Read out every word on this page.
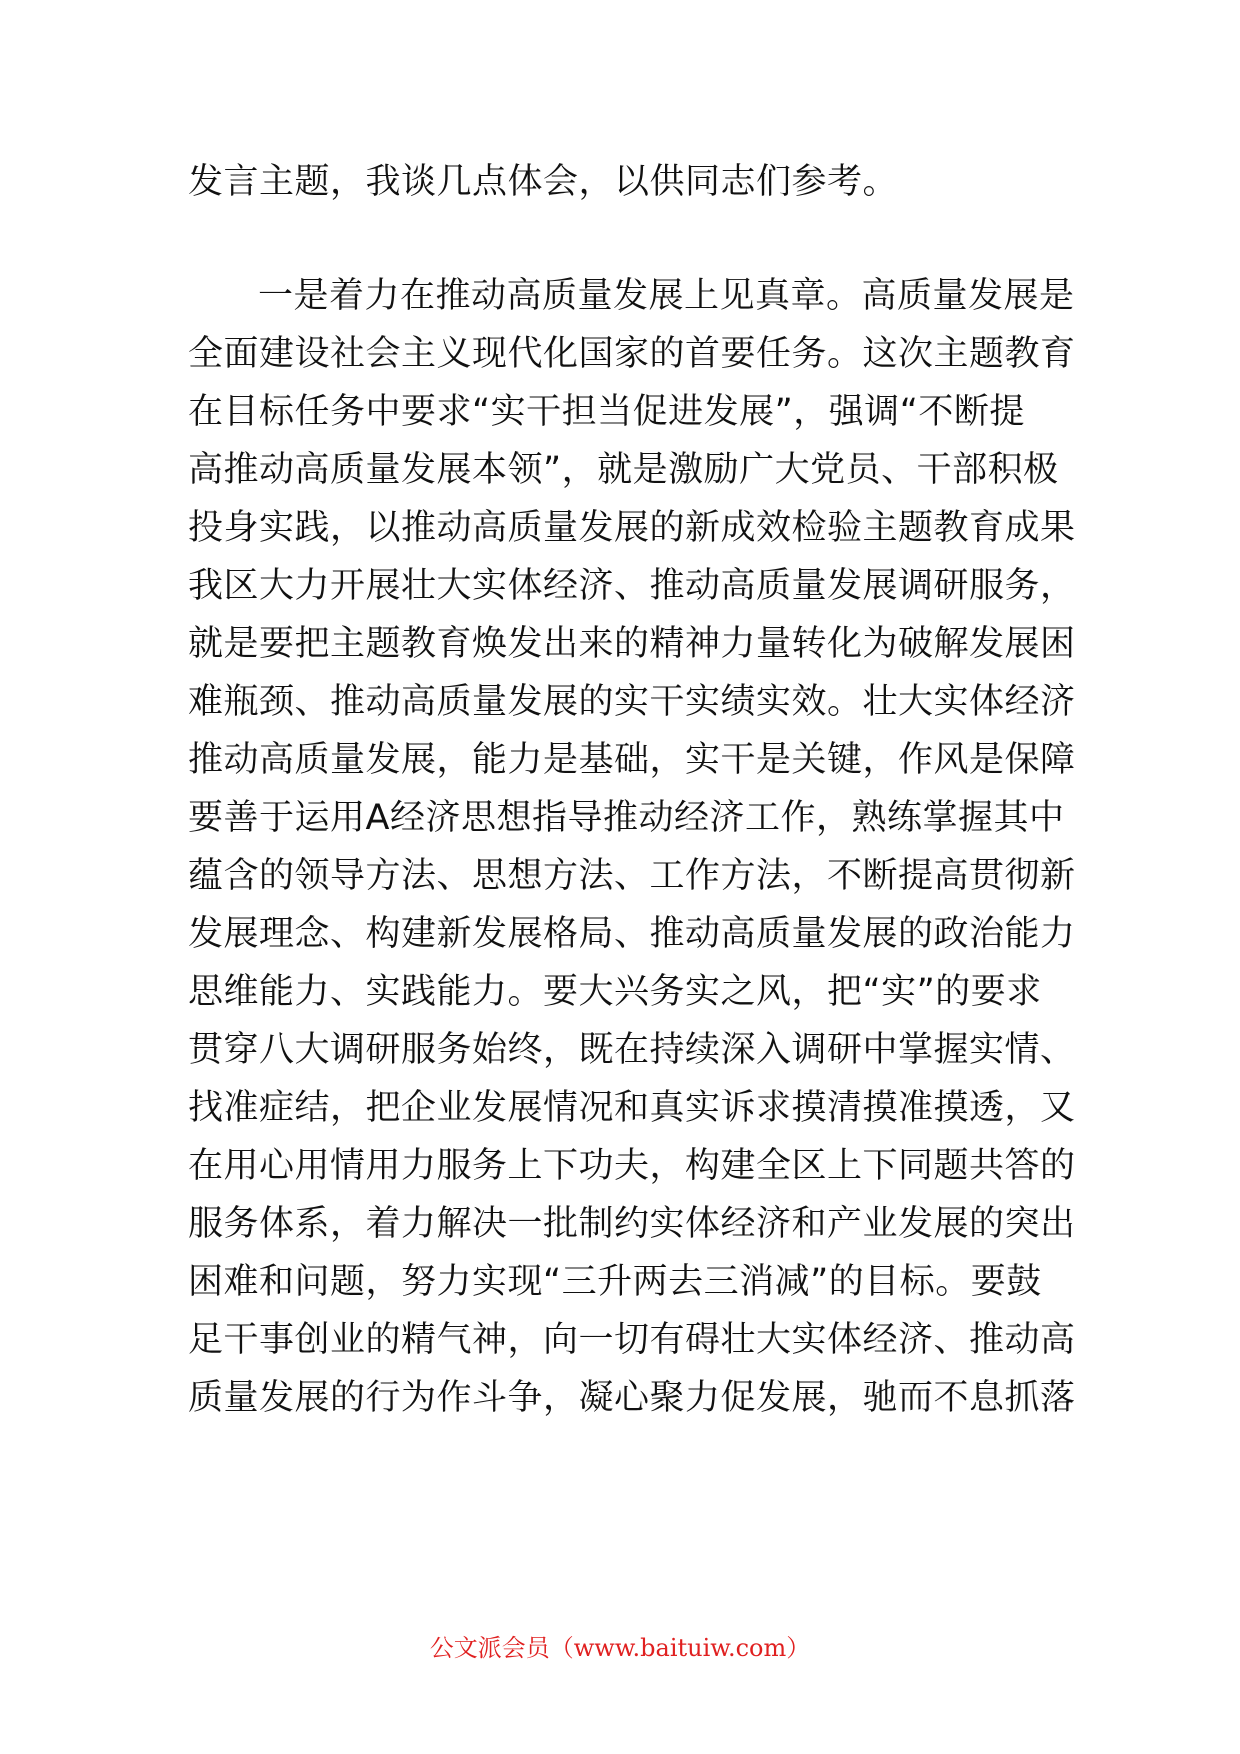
发言主题，我谈几点体会，以供同志们参考。
一是着力在推动高质量发展上见真章。高质量发展是
全面建设社会主义现代化国家的首要任务。这次主题教育
在目标任务中要求“实干担当促进发展”，强调“不断提
高推动高质量发展本领”，就是激励广大党员、干部积极
投身实践，以推动高质量发展的新成效检验主题教育成果
我区大力开展壮大实体经济、推动高质量发展调研服务，
就是要把主题教育焕发出来的精神力量转化为破解发展困
难瓶颈、推动高质量发展的实干实绩实效。壮大实体经济
推动高质量发展，能力是基础，实干是关键，作风是保障
要善于运用A经济思想指导推动经济工作，熟练掌握其中
蕴含的领导方法、思想方法、工作方法，不断提高贯彻新
发展理念、构建新发展格局、推动高质量发展的政治能力
思维能力、实践能力。要大兴务实之风，把“实”的要求
贯穿八大调研服务始终，既在持续深入调研中掌握实情、
找准症结，把企业发展情况和真实诉求摸清摸准摸透，又
在用心用情用力服务上下功夫，构建全区上下同题共答的
服务体系，着力解决一批制约实体经济和产业发展的突出
困难和问题，努力实现“三升两去三消减”的目标。要鼓
足干事创业的精气神，向一切有碍壮大实体经济、推动高
质量发展的行为作斗争，凝心聚力促发展，驰而不息抓落
公文派会员（www.baituiw.com）
